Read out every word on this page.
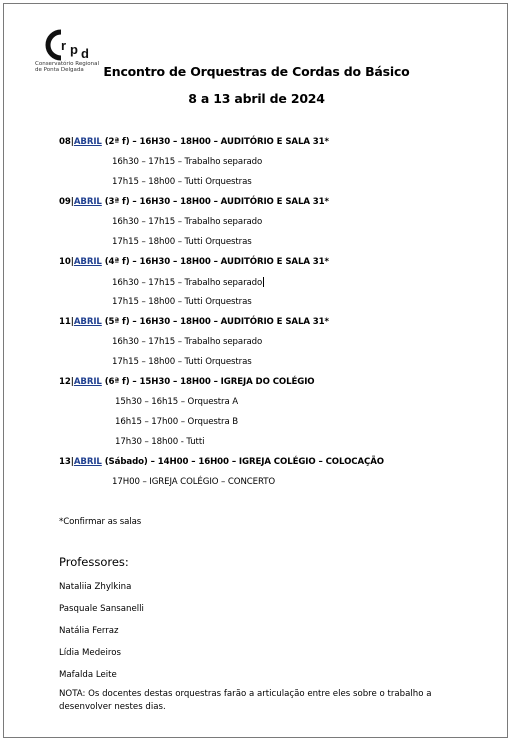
r p d
Conservatório Regional
de Ponta Delgada	Encontro de Orquestras de Cordas do Básico
8 a 13 abril de 2024
08|ABRIL (2ª f) – 16H30 – 18H00 – AUDITÓRIO E SALA 31*
16h30 – 17h15 – Trabalho separado
17h15 – 18h00 – Tutti Orquestras
09|ABRIL (3ª f) – 16H30 – 18H00 – AUDITÓRIO E SALA 31*
16h30 – 17h15 – Trabalho separado
17h15 – 18h00 – Tutti Orquestras
10|ABRIL (4ª f) – 16H30 – 18H00 – AUDITÓRIO E SALA 31*
16h30 – 17h15 – Trabalho separado
17h15 – 18h00 – Tutti Orquestras
11|ABRIL (5ª f) – 16H30 – 18H00 – AUDITÓRIO E SALA 31*
16h30 – 17h15 – Trabalho separado
17h15 – 18h00 – Tutti Orquestras
12|ABRIL (6ª f) – 15H30 – 18H00 – IGREJA DO COLÉGIO
15h30 – 16h15 – Orquestra A
16h15 – 17h00 – Orquestra B
17h30 – 18h00 - Tutti
13|ABRIL (Sábado) – 14H00 – 16H00 – IGREJA COLÉGIO – COLOCAÇÃO
17H00 – IGREJA COLÉGIO – CONCERTO
*Confirmar as salas
Professores:
Nataliia Zhylkina
Pasquale Sansanelli
Natália Ferraz
Lídia Medeiros
Mafalda Leite
NOTA: Os docentes destas orquestras farão a articulação entre eles sobre o trabalho a desenvolver nestes dias.
